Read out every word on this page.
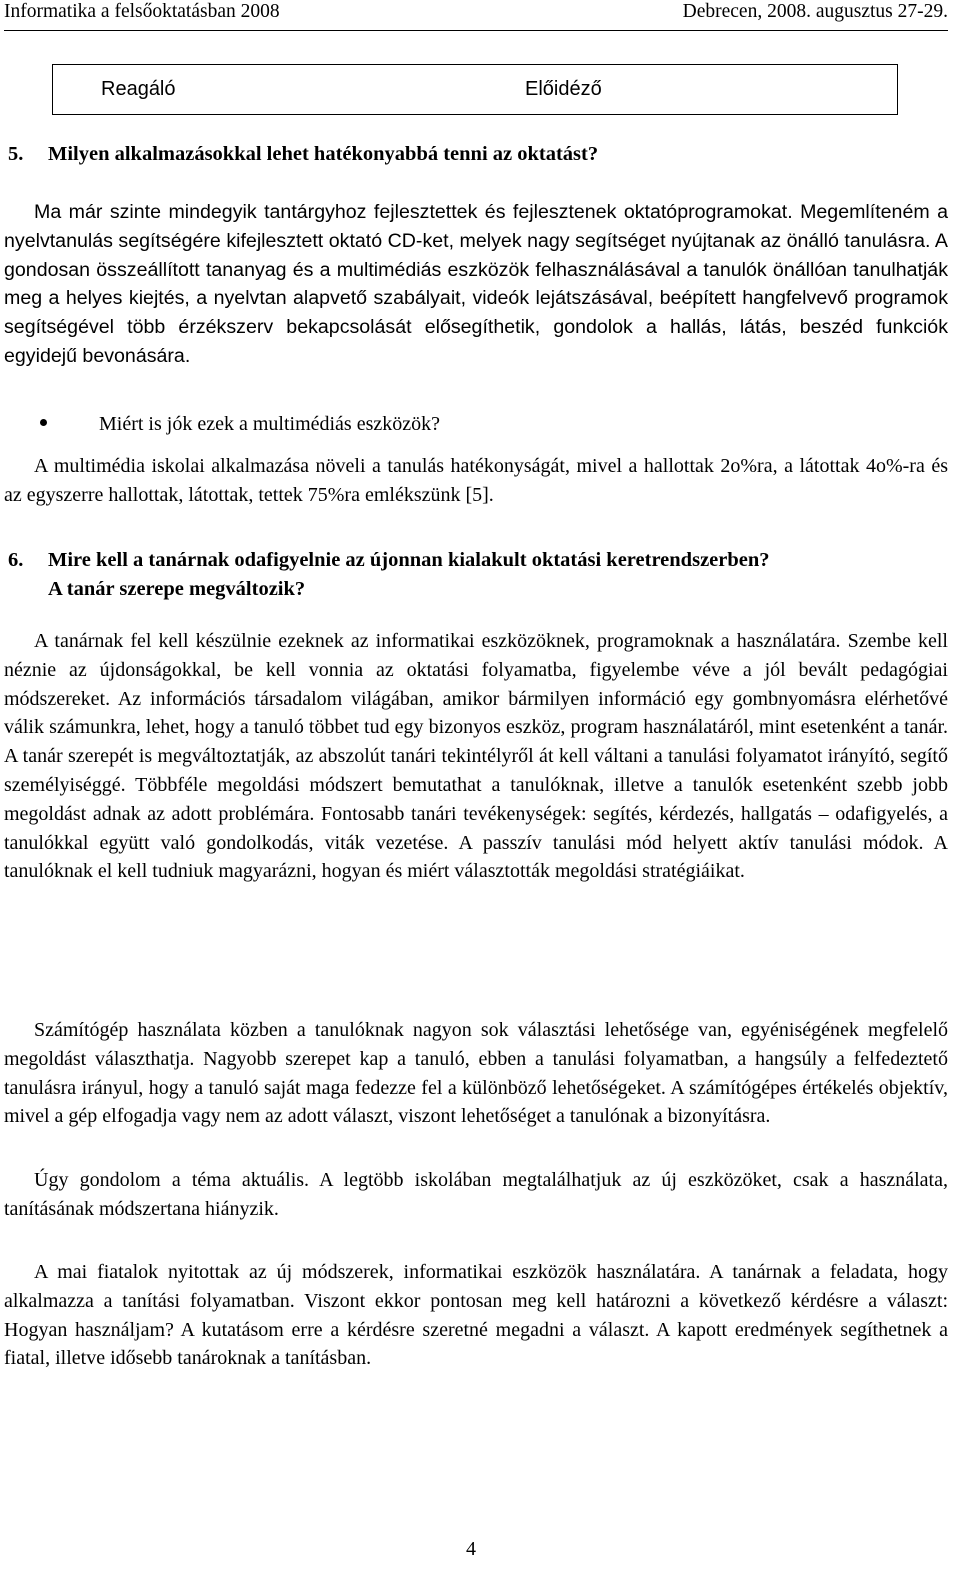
Informatika a felsőoktatásban 2008	Debrecen, 2008. augusztus 27-29.
Reagáló	Előidéző
5. Milyen alkalmazásokkal lehet hatékonyabbá tenni az oktatást?
Ma már szinte mindegyik tantárgyhoz fejlesztettek és fejlesztenek oktatóprogramokat. Megemlíteném a nyelvtanulás segítségére kifejlesztett oktató CD-ket, melyek nagy segítséget nyújtanak az önálló tanulásra. A gondosan összeállított tananyag és a multimédiás eszközök felhasználásával a tanulók önállóan tanulhatják meg a helyes kiejtés, a nyelvtan alapvető szabályait, videók lejátszásával, beépített hangfelvevő programok segítségével több érzékszerv bekapcsolását elősegíthetik, gondolok a hallás, látás, beszéd funkciók egyidejű bevonására.
Miért is jók ezek a multimédiás eszközök?
A multimédia iskolai alkalmazása növeli a tanulás hatékonyságát, mivel a hallottak 2o%ra, a látottak 4o%-ra és az egyszerre hallottak, látottak, tettek 75%ra emlékszünk [5].
6. Mire kell a tanárnak odafigyelnie az újonnan kialakult oktatási keretrendszerben?
A tanár szerepe megváltozik?
A tanárnak fel kell készülnie ezeknek az informatikai eszközöknek, programoknak a használatára. Szembe kell néznie az újdonságokkal, be kell vonnia az oktatási folyamatba, figyelembe véve a jól bevált pedagógiai módszereket. Az információs társadalom világában, amikor bármilyen információ egy gombnyomásra elérhetővé válik számunkra, lehet, hogy a tanuló többet tud egy bizonyos eszköz, program használatáról, mint esetenként a tanár. A tanár szerepét is megváltoztatják, az abszolút tanári tekintélyről át kell váltani a tanulási folyamatot irányító, segítő személyiséggé. Többféle megoldási módszert bemutathat a tanulóknak, illetve a tanulók esetenként szebb jobb megoldást adnak az adott problémára. Fontosabb tanári tevékenységek: segítés, kérdezés, hallgatás – odafigyelés, a tanulókkal együtt való gondolkodás, viták vezetése. A passzív tanulási mód helyett aktív tanulási módok. A tanulóknak el kell tudniuk magyarázni, hogyan és miért választották megoldási stratégiáikat.
Számítógép használata közben a tanulóknak nagyon sok választási lehetősége van, egyéniségének megfelelő megoldást választhatja. Nagyobb szerepet kap a tanuló, ebben a tanulási folyamatban, a hangsúly a felfedeztető tanulásra irányul, hogy a tanuló saját maga fedezze fel a különböző lehetőségeket. A számítógépes értékelés objektív, mivel a gép elfogadja vagy nem az adott választ, viszont lehetőséget a tanulónak a bizonyításra.
Úgy gondolom a téma aktuális. A legtöbb iskolában megtalálhatjuk az új eszközöket, csak a használata, tanításának módszertana hiányzik.
A mai fiatalok nyitottak az új módszerek, informatikai eszközök használatára. A tanárnak a feladata, hogy alkalmazza a tanítási folyamatban. Viszont ekkor pontosan meg kell határozni a következő kérdésre a választ: Hogyan használjam? A kutatásom erre a kérdésre szeretné megadni a választ. A kapott eredmények segíthetnek a fiatal, illetve idősebb tanároknak a tanításban.
4
